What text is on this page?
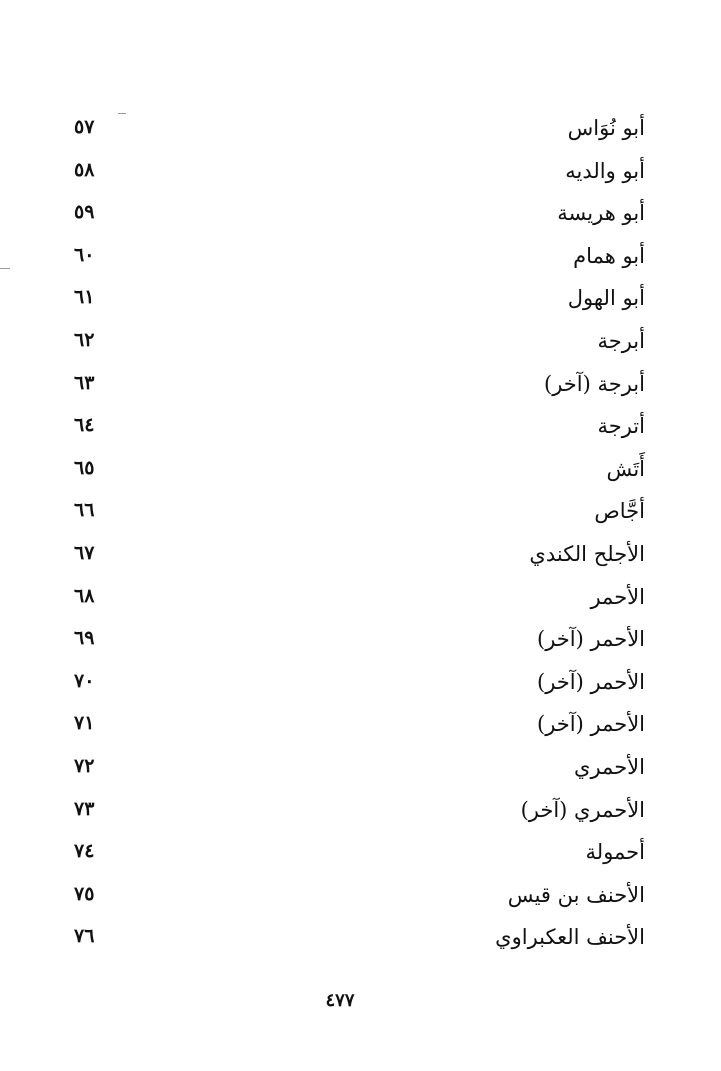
أبو نُوَاس
٥٧
أبو والديه
٥٨
أبو هريسة
٥٩
أبو همام
٦٠
أبو الهول
٦١
أبرجة
٦٢
أبرجة (آخر)
٦٣
أترجة
٦٤
أَتَش
٦٥
أجَّاص
٦٦
الأجلح الكندي
٦٧
الأحمر
٦٨
الأحمر (آخر)
٦٩
الأحمر (آخر)
٧٠
الأحمر (آخر)
٧١
الأحمري
٧٢
الأحمري (آخر)
٧٣
أحمولة
٧٤
الأحنف بن قيس
٧٥
الأحنف العكبراوي
٧٦
٤٧٧
